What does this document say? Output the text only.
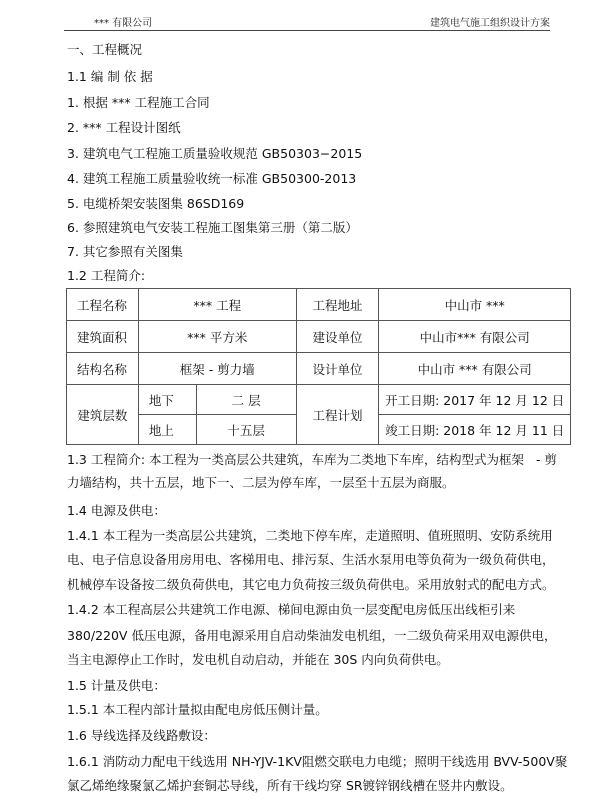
*** 有限公司	建筑电气施工组织设计方案
一、工程概况
1.1 编 制 依 据
1. 根据 *** 工程施工合同
2. *** 工程设计图纸
3. 建筑电气工程施工质量验收规范 GB50303−2015
4. 建筑工程施工质量验收统一标准 GB50300-2013
5. 电缆桥架安装图集 86SD169
6. 参照建筑电气安装工程施工图集第三册（第二版）
7. 其它参照有关图集
1.2 工程简介:
工程名称	*** 工程		工程地址	中山市 ***
建筑面积	*** 平方米		建设单位	中山市*** 有限公司
结构名称	框架 - 剪力墙		设计单位	中山市 *** 有限公司
建筑层数	地下	二 层	工程计划	开工日期: 2017 年 12 月 12 日
	地上	十五层		竣工日期: 2018 年 12 月 11 日
1.3 工程简介: 本工程为一类高层公共建筑，车库为二类地下车库，结构型式为框架 - 剪
力墙结构，共十五层，地下一、二层为停车库，一层至十五层为商服。
1.4 电源及供电：
1.4.1 本工程为一类高层公共建筑，二类地下停车库，走道照明、值班照明、安防系统用
电、电子信息设备用房用电、客梯用电、排污泵、生活水泵用电等负荷为一级负荷供电，
机械停车设备按二级负荷供电，其它电力负荷按三级负荷供电。采用放射式的配电方式。
1.4.2 本工程高层公共建筑工作电源、梯间电源由负一层变配电房低压出线柜引来
380/220V 低压电源，备用电源采用自启动柴油发电机组，一二级负荷采用双电源供电，
当主电源停止工作时，发电机自动启动，并能在 30S 内向负荷供电。
1.5 计量及供电：
1.5.1 本工程内部计量拟由配电房低压侧计量。
1.6 导线选择及线路敷设：
1.6.1 消防动力配电干线选用 NH-YJV-1KV阻燃交联电力电缆；照明干线选用 BVV-500V聚
氯乙烯绝缘聚氯乙烯护套铜芯导线，所有干线均穿 SR镀锌钢线槽在竖井内敷设。
